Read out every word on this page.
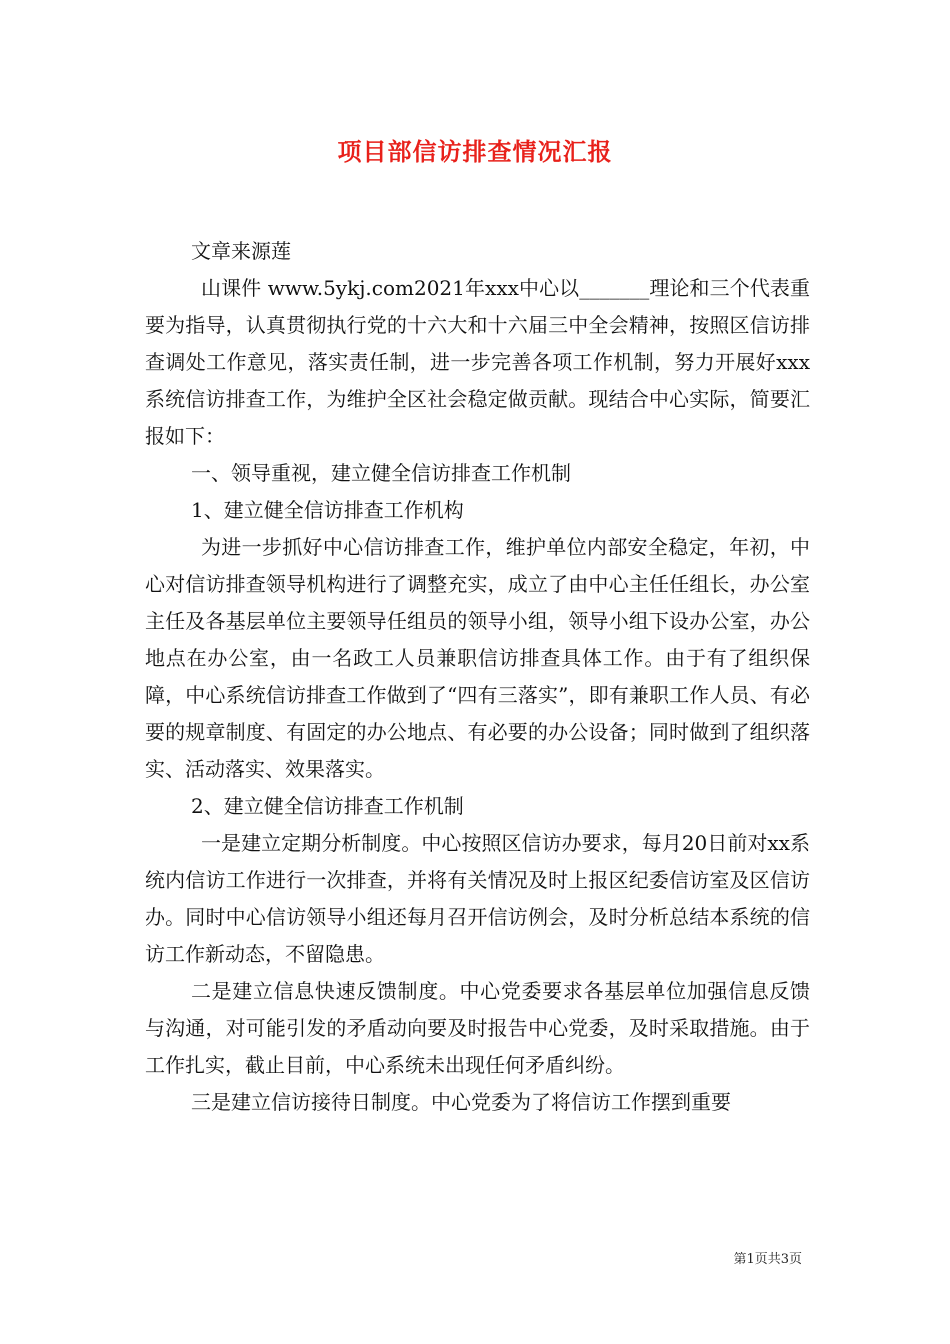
项目部信访排查情况汇报

文章来源莲

山课件 www.5ykj.com2021年xxx中心以_______理论和三个代表重要为指导，认真贯彻执行党的十六大和十六届三中全会精神，按照区信访排查调处工作意见，落实责任制，进一步完善各项工作机制，努力开展好xxx系统信访排查工作，为维护全区社会稳定做贡献。现结合中心实际，简要汇报如下：

一、领导重视，建立健全信访排查工作机制

1、建立健全信访排查工作机构

为进一步抓好中心信访排查工作，维护单位内部安全稳定，年初，中心对信访排查领导机构进行了调整充实，成立了由中心主任任组长，办公室主任及各基层单位主要领导任组员的领导小组，领导小组下设办公室，办公地点在办公室，由一名政工人员兼职信访排查具体工作。由于有了组织保障，中心系统信访排查工作做到了“四有三落实”，即有兼职工作人员、有必要的规章制度、有固定的办公地点、有必要的办公设备；同时做到了组织落实、活动落实、效果落实。

2、建立健全信访排查工作机制

一是建立定期分析制度。中心按照区信访办要求，每月20日前对xx系统内信访工作进行一次排查，并将有关情况及时上报区纪委信访室及区信访办。同时中心信访领导小组还每月召开信访例会，及时分析总结本系统的信访工作新动态，不留隐患。

二是建立信息快速反馈制度。中心党委要求各基层单位加强信息反馈与沟通，对可能引发的矛盾动向要及时报告中心党委，及时采取措施。由于工作扎实，截止目前，中心系统未出现任何矛盾纠纷。

三是建立信访接待日制度。中心党委为了将信访工作摆到重要

第1页共3页
